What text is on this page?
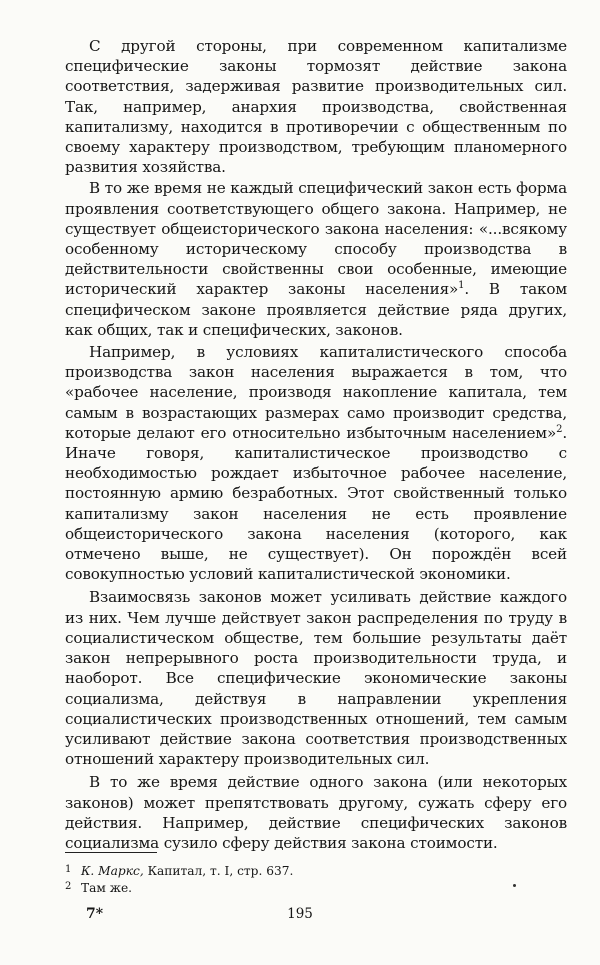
С другой стороны, при современном капитализме специфические законы тормозят действие закона соответствия, задерживая развитие производительных сил. Так, например, анархия производства, свойственная капитализму, находится в противоречии с общественным по своему характеру производством, требующим планомерного развития хозяйства.

В то же время не каждый специфический закон есть форма проявления соответствующего общего закона. Например, не существует общеисторического закона населения: «...всякому особенному историческому способу производства в действительности свойственны свои особенные, имеющие исторический характер законы населения»$^1$. В таком специфическом законе проявляется действие ряда других, как общих, так и специфических, законов.

Например, в условиях капиталистического способа производства закон населения выражается в том, что «рабочее население, производя накопление капитала, тем самым в возрастающих размерах само производит средства, которые делают его относительно избыточным населением»$^2$. Иначе говоря, капиталистическое производство с необходимостью рождает избыточное рабочее население, постоянную армию безработных. Этот свойственный только капитализму закон населения не есть проявление общеисторического закона населения (которого, как отмечено выше, не существует). Он порождён всей совокупностью условий капиталистической экономики.

Взаимосвязь законов может усиливать действие каждого из них. Чем лучше действует закон распределения по труду в социалистическом обществе, тем большие результаты даёт закон непрерывного роста производительности труда, и наоборот. Все специфические экономические законы социализма, действуя в направлении укрепления социалистических производственных отношений, тем самым усиливают действие закона соответствия производственных отношений характеру производительных сил.

В то же время действие одного закона (или некоторых законов) может препятствовать другому, сужать сферу его действия. Например, действие специфических законов социализма сузило сферу действия закона стоимости.

1 К. Маркс, Капитал, т. I, стр. 637.

2 Там же.

7*	195
